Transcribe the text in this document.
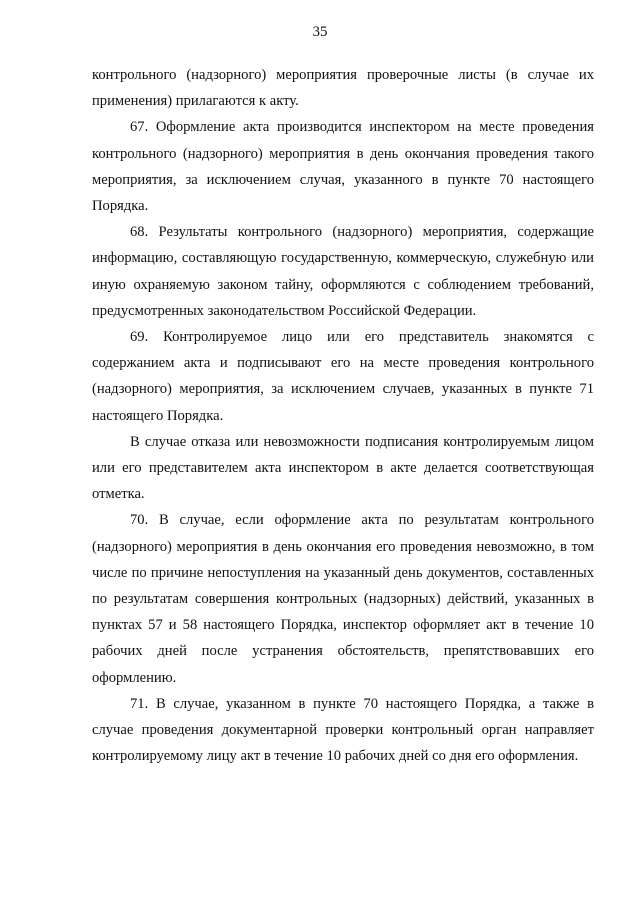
35

контрольного (надзорного) мероприятия проверочные листы (в случае их применения) прилагаются к акту.

67. Оформление акта производится инспектором на месте проведения контрольного (надзорного) мероприятия в день окончания проведения такого мероприятия, за исключением случая, указанного в пункте 70 настоящего Порядка.

68. Результаты контрольного (надзорного) мероприятия, содержащие информацию, составляющую государственную, коммерческую, служебную или иную охраняемую законом тайну, оформляются с соблюдением требований, предусмотренных законодательством Российской Федерации.

69. Контролируемое лицо или его представитель знакомятся с содержанием акта и подписывают его на месте проведения контрольного (надзорного) мероприятия, за исключением случаев, указанных в пункте 71 настоящего Порядка.

В случае отказа или невозможности подписания контролируемым лицом или его представителем акта инспектором в акте делается соответствующая отметка.

70. В случае, если оформление акта по результатам контрольного (надзорного) мероприятия в день окончания его проведения невозможно, в том числе по причине непоступления на указанный день документов, составленных по результатам совершения контрольных (надзорных) действий, указанных в пунктах 57 и 58 настоящего Порядка, инспектор оформляет акт в течение 10 рабочих дней после устранения обстоятельств, препятствовавших его оформлению.

71. В случае, указанном в пункте 70 настоящего Порядка, а также в случае проведения документарной проверки контрольный орган направляет контролируемому лицу акт в течение 10 рабочих дней со дня его оформления.
